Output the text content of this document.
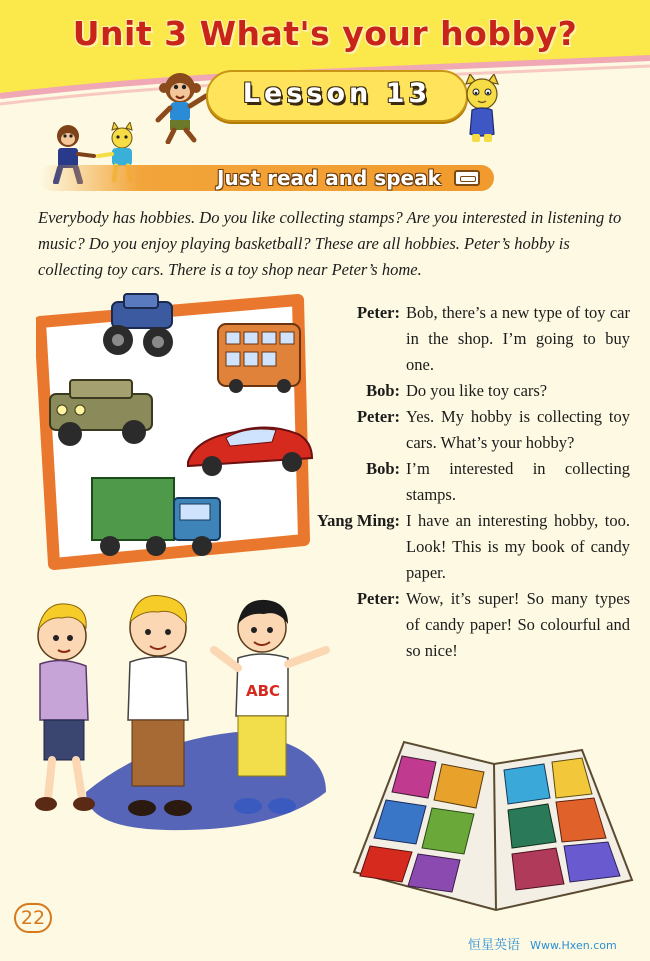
Unit 3 What's your hobby?
Lesson 13
Just read and speak
Everybody has hobbies. Do you like collecting stamps? Are you interested in listening to music? Do you enjoy playing basketball? These are all hobbies. Peter’s hobby is collecting toy cars. There is a toy shop near Peter’s home.
Peter: Bob, there’s a new type of toy car in the shop. I’m going to buy one.
Bob: Do you like toy cars?
Peter: Yes. My hobby is collecting toy cars. What’s your hobby?
Bob: I’m interested in collecting stamps.
Yang Ming: I have an interesting hobby, too. Look! This is my book of candy paper.
Peter: Wow, it’s super! So many types of candy paper! So colourful and so nice!
ABC
22
恒星英语 Www.Hxen.com
